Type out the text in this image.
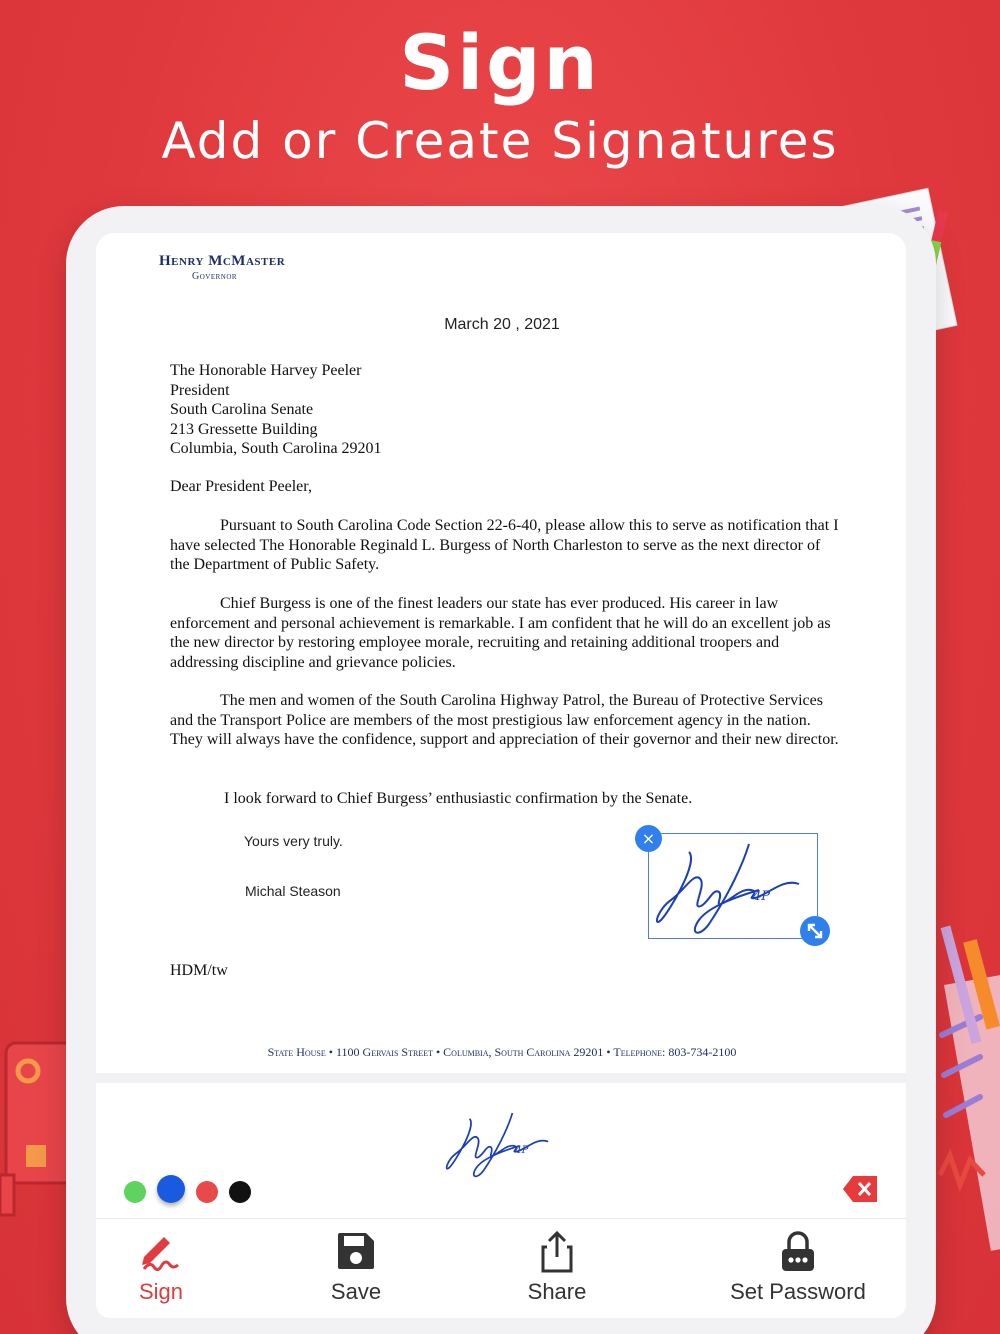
Sign
Add or Create Signatures
Henry McMaster
Governor
March 20 , 2021
The Honorable Harvey Peeler
President
South Carolina Senate
213 Gressette Building
Columbia, South Carolina 29201
Dear President Peeler,
Pursuant to South Carolina Code Section 22-6-40, please allow this to serve as notification that I have selected The Honorable Reginald L. Burgess of North Charleston to serve as the next director of the Department of Public Safety.
Chief Burgess is one of the finest leaders our state has ever produced. His career in law enforcement and personal achievement is remarkable. I am confident that he will do an excellent job as the new director by restoring employee morale, recruiting and retaining additional troopers and addressing discipline and grievance policies.
The men and women of the South Carolina Highway Patrol, the Bureau of Protective Services and the Transport Police are members of the most prestigious law enforcement agency in the nation. They will always have the confidence, support and appreciation of their governor and their new director.
I look forward to Chief Burgess’ enthusiastic confirmation by the Senate.
Yours very truly.
Michal Steason	4P
×
HDM/tw
State House • 1100 Gervais Street • Columbia, South Carolina 29201 • Telephone: 803-734-2100
4P
Sign	Save	Share	Set Password
